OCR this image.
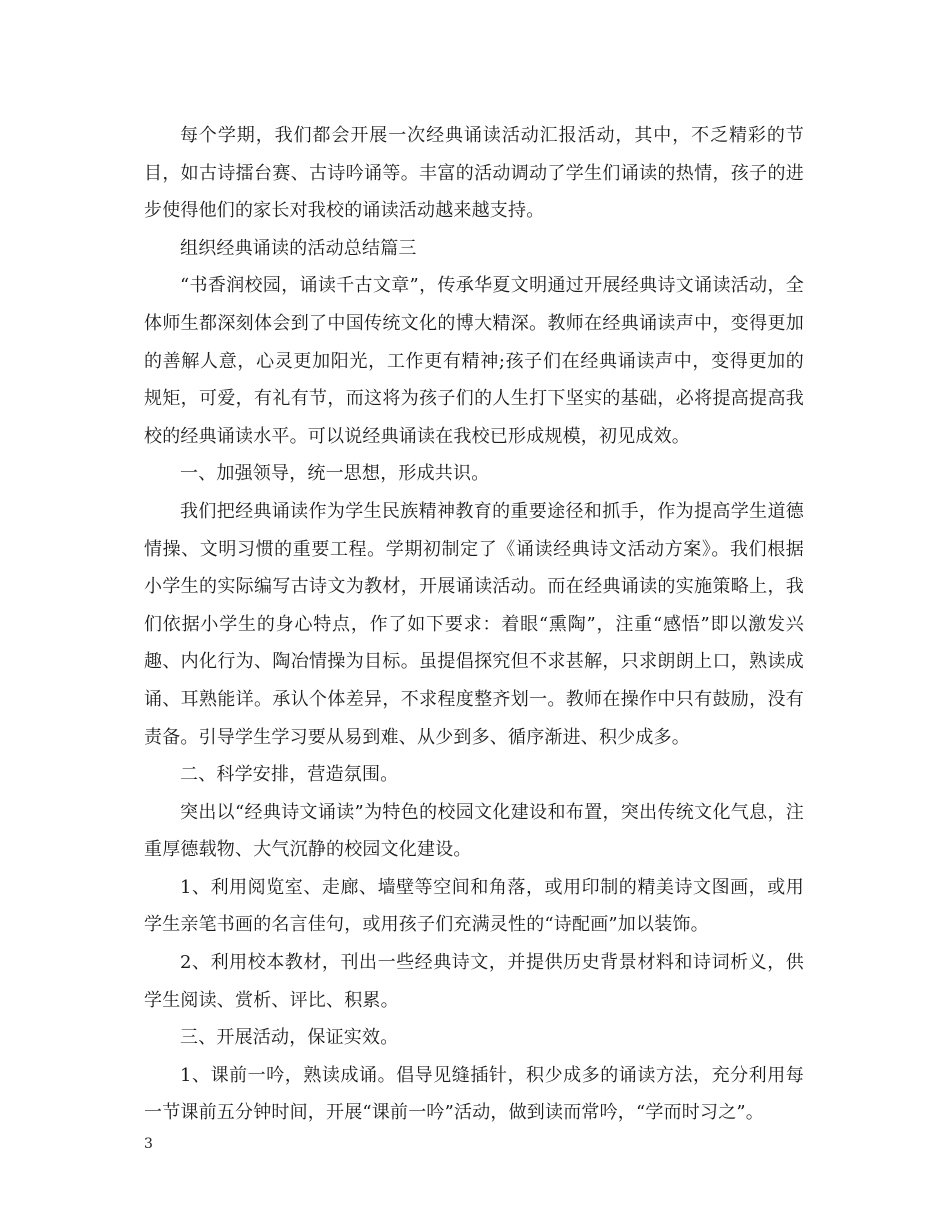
每个学期，我们都会开展一次经典诵读活动汇报活动，其中，不乏精彩的节目，如古诗擂台赛、古诗吟诵等。丰富的活动调动了学生们诵读的热情，孩子的进步使得他们的家长对我校的诵读活动越来越支持。

组织经典诵读的活动总结篇三

“书香润校园，诵读千古文章”，传承华夏文明通过开展经典诗文诵读活动，全体师生都深刻体会到了中国传统文化的博大精深。教师在经典诵读声中，变得更加的善解人意，心灵更加阳光，工作更有精神;孩子们在经典诵读声中，变得更加的规矩，可爱，有礼有节，而这将为孩子们的人生打下坚实的基础，必将提高提高我校的经典诵读水平。可以说经典诵读在我校已形成规模，初见成效。

一、加强领导，统一思想，形成共识。

我们把经典诵读作为学生民族精神教育的重要途径和抓手，作为提高学生道德情操、文明习惯的重要工程。学期初制定了《诵读经典诗文活动方案》。我们根据小学生的实际编写古诗文为教材，开展诵读活动。而在经典诵读的实施策略上，我们依据小学生的身心特点，作了如下要求：着眼“熏陶”，注重“感悟”即以激发兴趣、内化行为、陶冶情操为目标。虽提倡探究但不求甚解，只求朗朗上口，熟读成诵、耳熟能详。承认个体差异，不求程度整齐划一。教师在操作中只有鼓励，没有责备。引导学生学习要从易到难、从少到多、循序渐进、积少成多。

二、科学安排，营造氛围。

突出以“经典诗文诵读”为特色的校园文化建设和布置，突出传统文化气息，注重厚德载物、大气沉静的校园文化建设。

1、利用阅览室、走廊、墙壁等空间和角落，或用印制的精美诗文图画，或用学生亲笔书画的名言佳句，或用孩子们充满灵性的“诗配画”加以装饰。

2、利用校本教材，刊出一些经典诗文，并提供历史背景材料和诗词析义，供学生阅读、赏析、评比、积累。

三、开展活动，保证实效。

1、课前一吟，熟读成诵。倡导见缝插针，积少成多的诵读方法，充分利用每一节课前五分钟时间，开展“课前一吟”活动，做到读而常吟，“学而时习之”。

3
